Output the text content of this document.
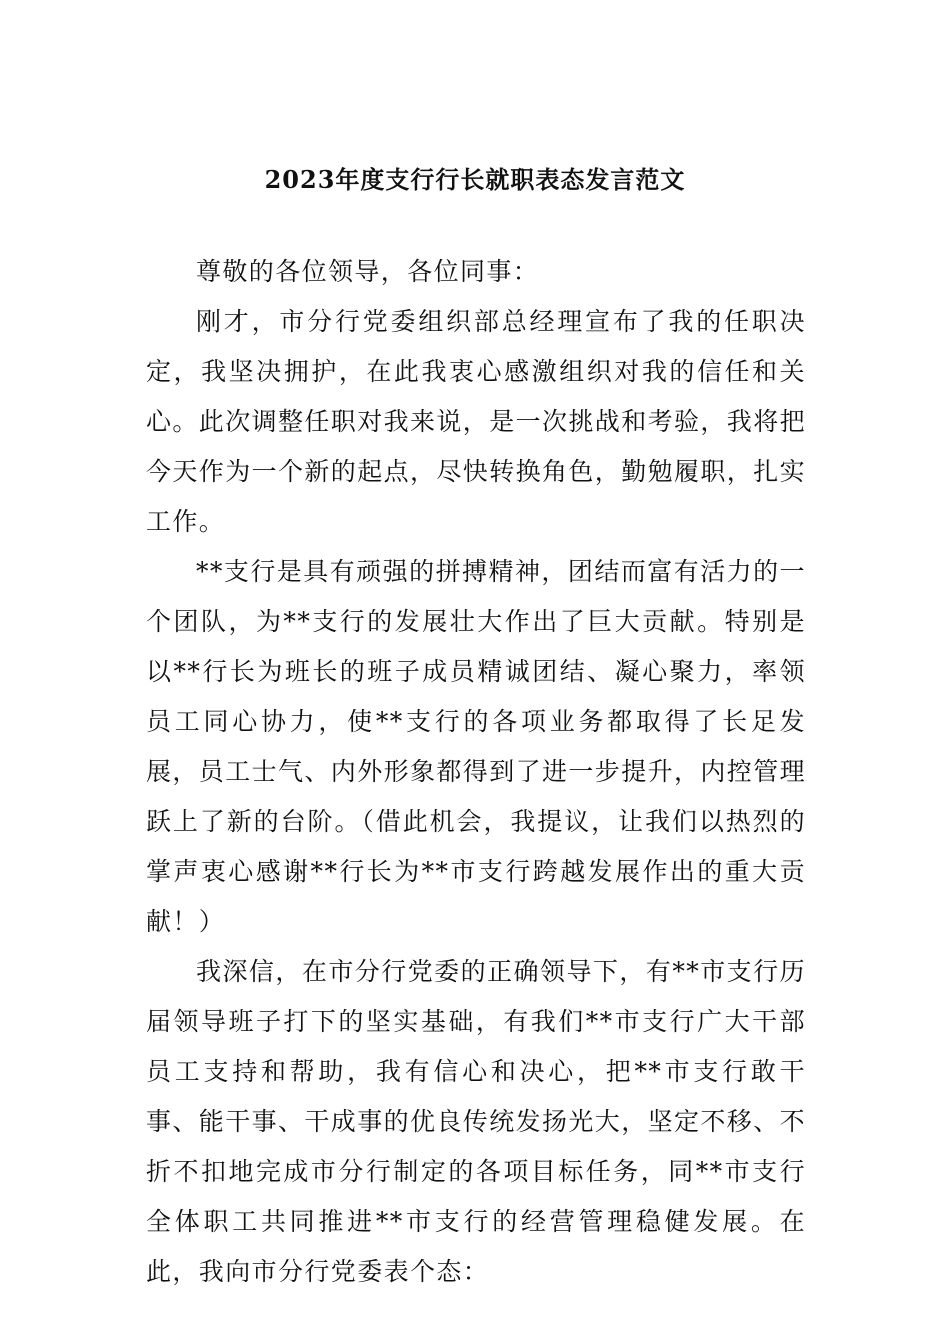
2023年度支行行长就职表态发言范文

尊敬的各位领导，各位同事：

刚才，市分行党委组织部总经理宣布了我的任职决定，我坚决拥护，在此我衷心感激组织对我的信任和关心。此次调整任职对我来说，是一次挑战和考验，我将把今天作为一个新的起点，尽快转换角色，勤勉履职，扎实工作。

**支行是具有顽强的拼搏精神，团结而富有活力的一个团队，为**支行的发展壮大作出了巨大贡献。特别是以**行长为班长的班子成员精诚团结、凝心聚力，率领员工同心协力，使**支行的各项业务都取得了长足发展，员工士气、内外形象都得到了进一步提升，内控管理跃上了新的台阶。（借此机会，我提议，让我们以热烈的掌声衷心感谢**行长为**市支行跨越发展作出的重大贡献！）

我深信，在市分行党委的正确领导下，有**市支行历届领导班子打下的坚实基础，有我们**市支行广大干部员工支持和帮助，我有信心和决心，把**市支行敢干事、能干事、干成事的优良传统发扬光大，坚定不移、不折不扣地完成市分行制定的各项目标任务，同**市支行全体职工共同推进**市支行的经营管理稳健发展。在此，我向市分行党委表个态：
